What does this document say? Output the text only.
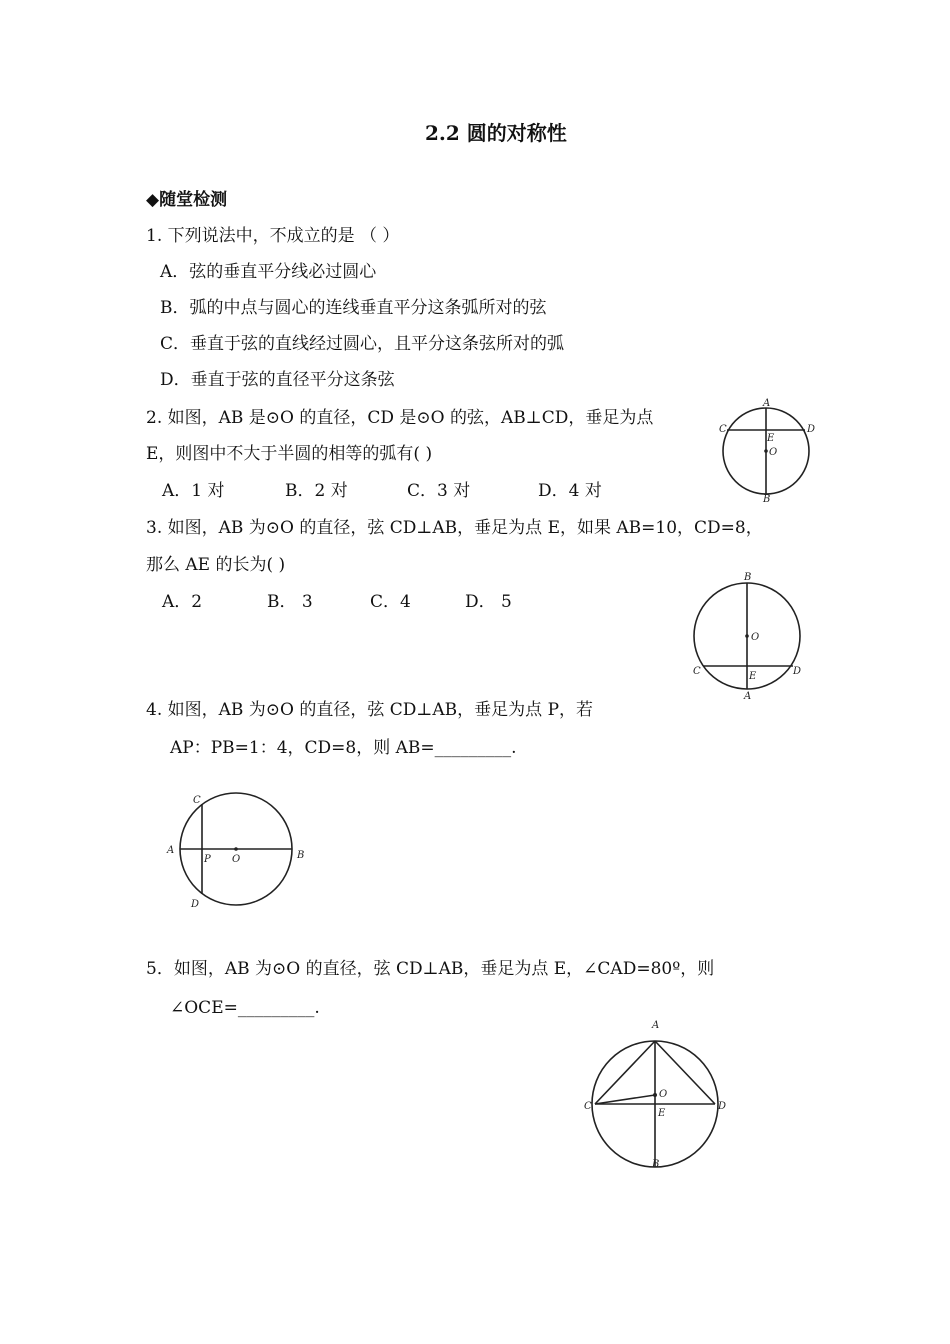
2.2 圆的对称性
◆随堂检测
1. 下列说法中，不成立的是 （ ）
A．弦的垂直平分线必过圆心
B．弧的中点与圆心的连线垂直平分这条弧所对的弦
C．垂直于弦的直线经过圆心，且平分这条弦所对的弧
D．垂直于弦的直径平分这条弦
2. 如图，AB 是⊙O 的直径，CD 是⊙O 的弦，AB⊥CD，垂足为点
E，则图中不大于半圆的相等的弧有( )
A．1 对	B．2 对	C．3 对	D．4 对
A
B
C	D
E
O
3. 如图，AB 为⊙O 的直径，弦 CD⊥AB，垂足为点 E，如果 AB=10，CD=8，
那么 AE 的长为( )
A．2	B． 3	C．4	D． 5
B
A
C	D
E
O
4. 如图，AB 为⊙O 的直径，弦 CD⊥AB，垂足为点 P，若
AP：PB=1：4，CD=8，则 AB=_________.
C
D
A	B
P O
5．如图，AB 为⊙O 的直径，弦 CD⊥AB，垂足为点 E，∠CAD=80º，则
∠OCE=_________.
A
B
C	D
E
O
